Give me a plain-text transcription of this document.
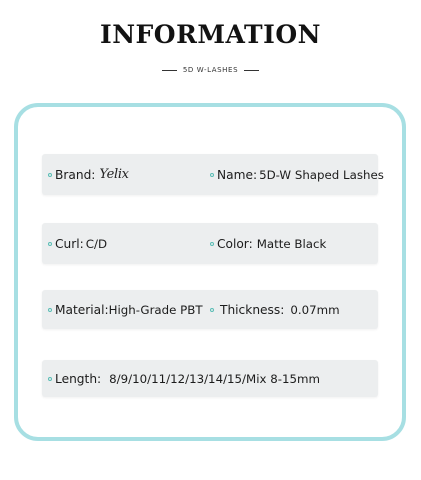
INFORMATION
5D W-LASHES
Brand: Yelix	Name: 5D-W Shaped Lashes
Curl: C/D	Color: Matte Black
Material: High-Grade PBT Thickness: 0.07mm
Length: 8/9/10/11/12/13/14/15/Mix 8-15mm
